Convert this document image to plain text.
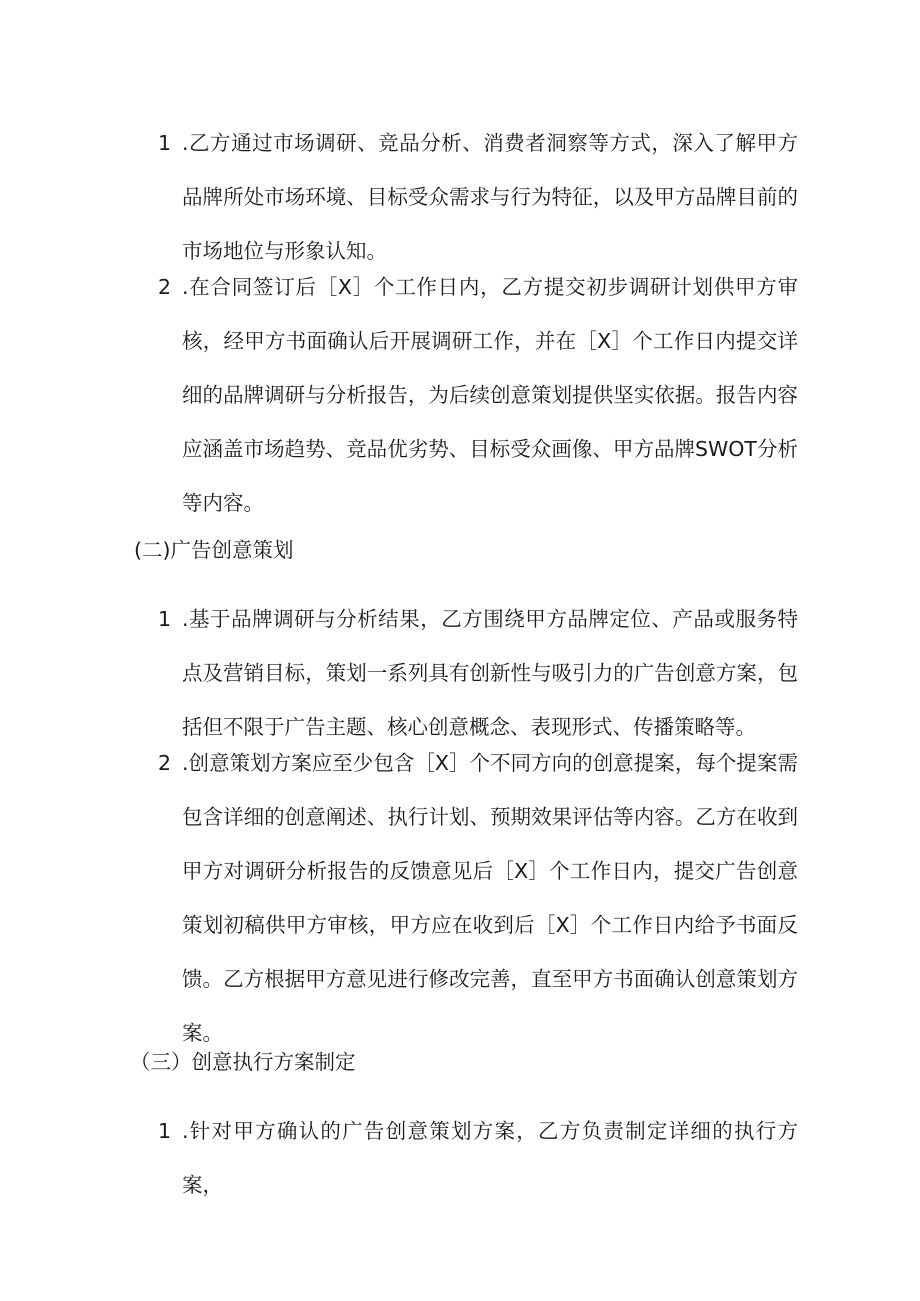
1 .乙方通过市场调研、竞品分析、消费者洞察等方式，深入了解甲方品牌所处市场环境、目标受众需求与行为特征，以及甲方品牌目前的市场地位与形象认知。
2 .在合同签订后［X］个工作日内，乙方提交初步调研计划供甲方审核，经甲方书面确认后开展调研工作，并在［X］个工作日内提交详细的品牌调研与分析报告，为后续创意策划提供坚实依据。报告内容应涵盖市场趋势、竞品优劣势、目标受众画像、甲方品牌SWOT分析等内容。
(二)广告创意策划
1 .基于品牌调研与分析结果，乙方围绕甲方品牌定位、产品或服务特点及营销目标，策划一系列具有创新性与吸引力的广告创意方案，包括但不限于广告主题、核心创意概念、表现形式、传播策略等。
2 .创意策划方案应至少包含［X］个不同方向的创意提案，每个提案需包含详细的创意阐述、执行计划、预期效果评估等内容。乙方在收到甲方对调研分析报告的反馈意见后［X］个工作日内，提交广告创意策划初稿供甲方审核，甲方应在收到后［X］个工作日内给予书面反馈。乙方根据甲方意见进行修改完善，直至甲方书面确认创意策划方案。
（三）创意执行方案制定
1 .针对甲方确认的广告创意策划方案，乙方负责制定详细的执行方案，
